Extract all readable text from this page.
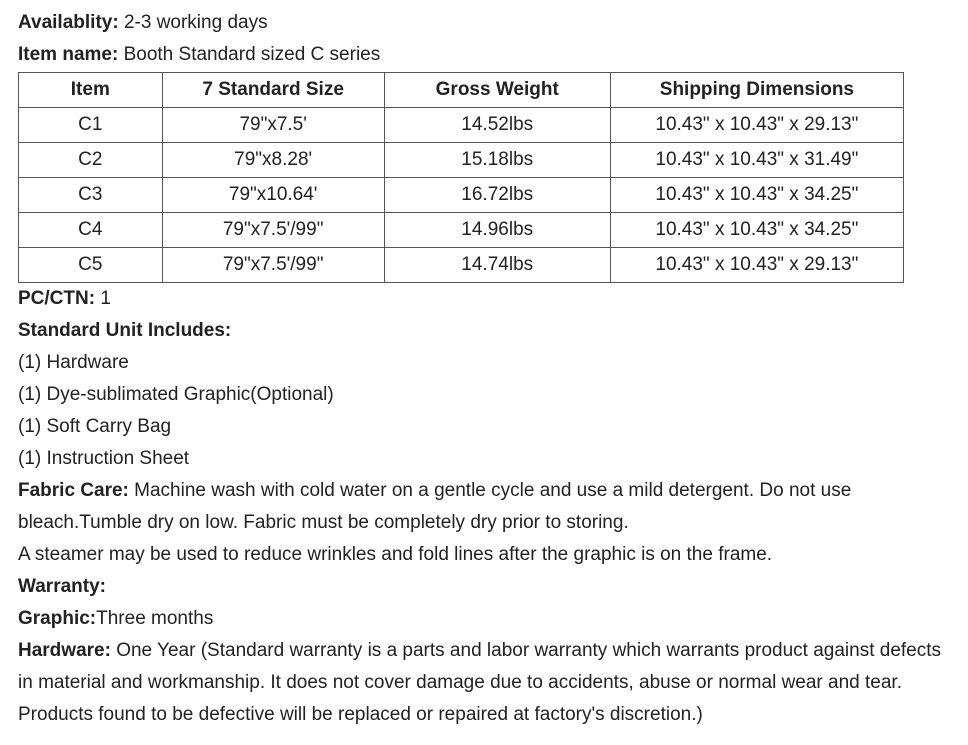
Availablity: 2-3 working days
Item name: Booth Standard sized C series
Item	7 Standard Size	Gross Weight	Shipping Dimensions
C1	79"x7.5'	14.52lbs	10.43" x 10.43" x 29.13"
C2	79"x8.28'	15.18lbs	10.43" x 10.43" x 31.49"
C3	79"x10.64'	16.72lbs	10.43" x 10.43" x 34.25"
C4	79"x7.5'/99"	14.96lbs	10.43" x 10.43" x 34.25"
C5	79"x7.5'/99"	14.74lbs	10.43" x 10.43" x 29.13"
PC/CTN: 1
Standard Unit Includes:
(1) Hardware
(1) Dye-sublimated Graphic(Optional)
(1) Soft Carry Bag
(1) Instruction Sheet
Fabric Care: Machine wash with cold water on a gentle cycle and use a mild detergent. Do not use bleach.Tumble dry on low. Fabric must be completely dry prior to storing.
A steamer may be used to reduce wrinkles and fold lines after the graphic is on the frame.
Warranty:
Graphic:Three months
Hardware: One Year (Standard warranty is a parts and labor warranty which warrants product against defects in material and workmanship. It does not cover damage due to accidents, abuse or normal wear and tear. Products found to be defective will be replaced or repaired at factory's discretion.)
